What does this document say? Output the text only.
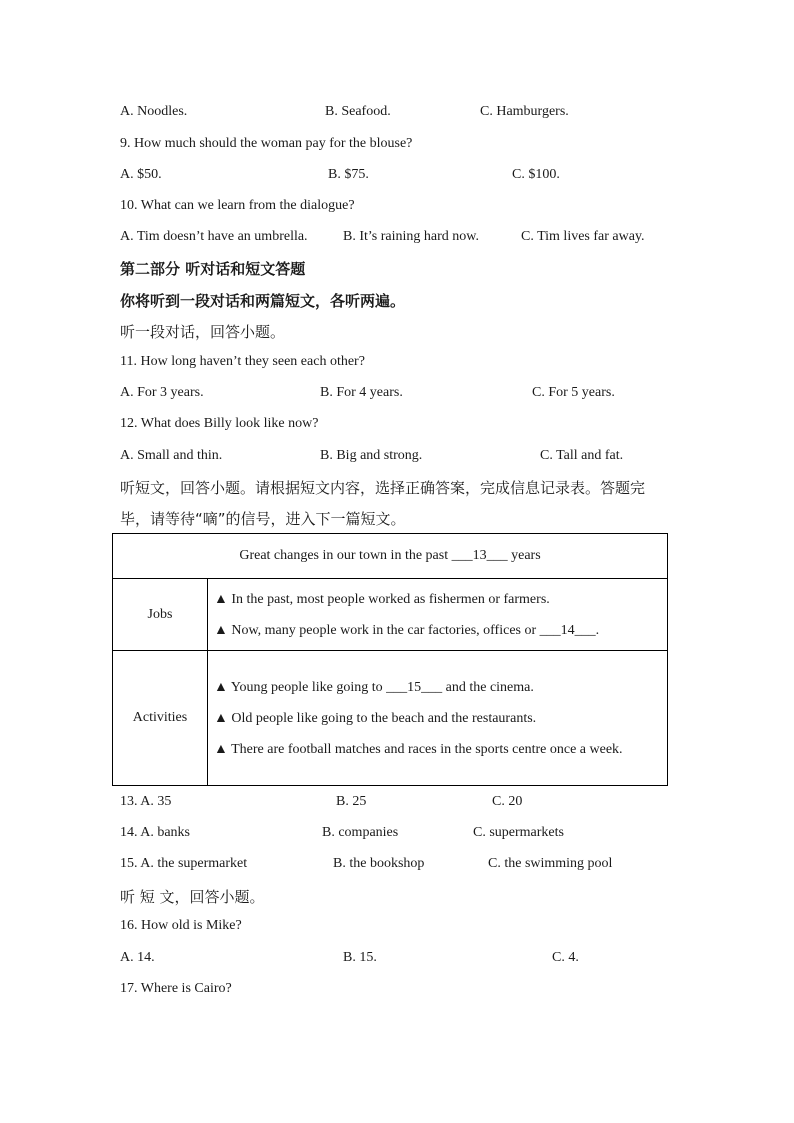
A. Noodles.	B. Seafood.	C. Hamburgers.
9. How much should the woman pay for the blouse?
A. $50.	B. $75.	C. $100.
10. What can we learn from the dialogue?
A. Tim doesn’t have an umbrella.	B. It’s raining hard now.	C. Tim lives far away.
第二部分 听对话和短文答题
你将听到一段对话和两篇短文，各听两遍。
听一段对话，回答小题。
11. How long haven’t they seen each other?
A. For 3 years.	B. For 4 years.	C. For 5 years.
12. What does Billy look like now?
A. Small and thin.	B. Big and strong.	C. Tall and fat.
听短文，回答小题。请根据短文内容，选择正确答案，完成信息记录表。答题完
毕，请等待“嘀”的信号，进入下一篇短文。
Great changes in our town in the past ___13___ years	
Jobs	▲ In the past, most people worked as fishermen or farmers.
▲ Now, many people work in the car factories, offices or ___14___.

Activities	▲ Young people like going to ___15___ and the cinema.
▲ Old people like going to the beach and the restaurants.
▲ There are football matches and races in the sports centre once a week.
13. A. 35	B. 25	C. 20
14. A. banks	B. companies	C. supermarkets
15. A. the supermarket	B. the bookshop	C. the swimming pool
听 短 文，回答小题。
16. How old is Mike?
A. 14.	B. 15.	C. 4.
17. Where is Cairo?
